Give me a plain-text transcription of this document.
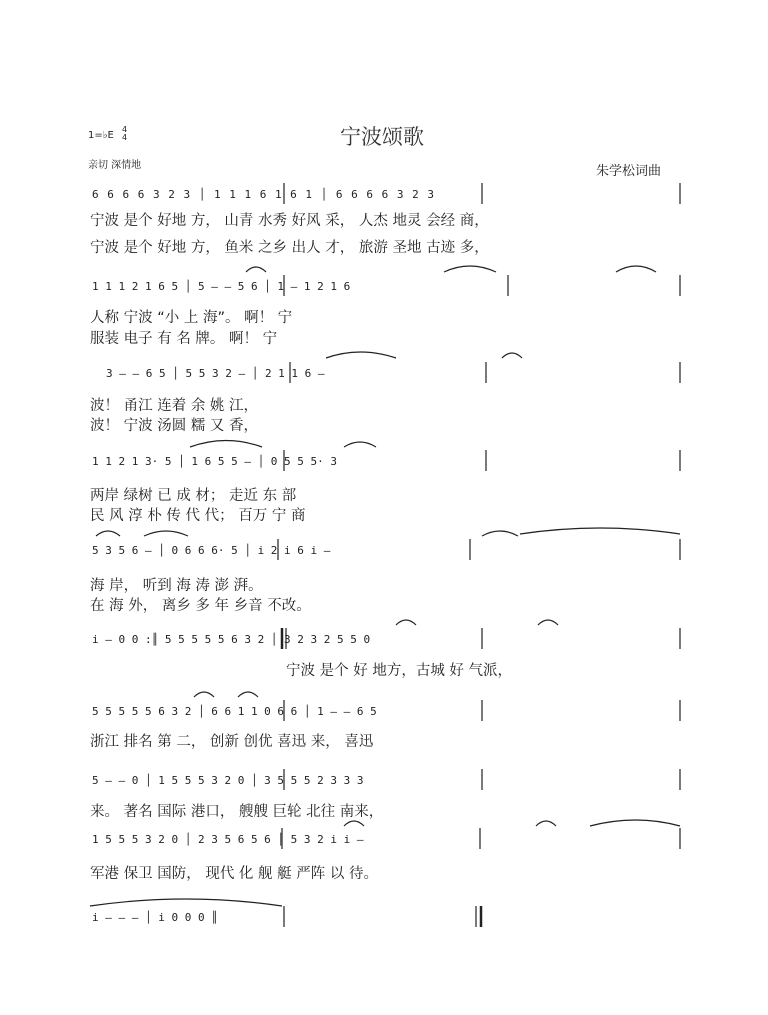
1=♭E
4
4	宁波颂歌
亲切 深情地	朱学松词曲
6 6 6 6 3 2 3 │ 1 1 1 6 1 6 1 │ 6 6 6 6 3 2 3
宁波 是个 好地 方， 山青 水秀 好风 采， 人杰 地灵 会经 商，
宁波 是个 好地 方， 鱼米 之乡 出人 才， 旅游 圣地 古迹 多，
1 1 1 2 1 6 5 │ 5 – – 5 6 │ 1 – 1 2 1 6
人称 宁波 “小 上 海”。 啊！ 宁
服装 电子 有 名 牌。 啊！ 宁
3 – – 6 5 │ 5 5 3 2 – │ 2 1 1 6 –
波！ 甬江 连着 余 姚 江，
波！ 宁波 汤圆 糯 又 香，
1 1 2 1 3· 5 │ 1 6 5 5 – │ 0 5 5 5· 3
两岸 绿树 已 成 材； 走近 东 部
民 风 淳 朴 传 代 代； 百万 宁 商
5 3 5 6 – │ 0 6 6 6· 5 │ i 2 i 6 i –
海 岸， 听到 海 涛 澎 湃。
在 海 外， 离乡 多 年 乡音 不改。
i – 0 0 :║ 5 5 5 5 5 6 3 2 │ 3 2 3 2 5 5 0
宁波 是个 好 地方，古城 好 气派，
5 5 5 5 5 6 3 2 │ 6 6 1 1 0 6 6 │ 1 – – 6 5
浙江 排名 第 二， 创新 创优 喜迅 来， 喜迅
5 – – 0 │ 1 5 5 5 3 2 0 │ 3 5 5 5 2 3 3 3
来。 著名 国际 港口， 艘艘 巨轮 北往 南来，
1 5 5 5 3 2 0 │ 2 3 5 6 5 6 │ 5 3 2 i i –
军港 保卫 国防， 现代 化 舰 艇 严阵 以 待。
i – – – │ i 0 0 0 ║
